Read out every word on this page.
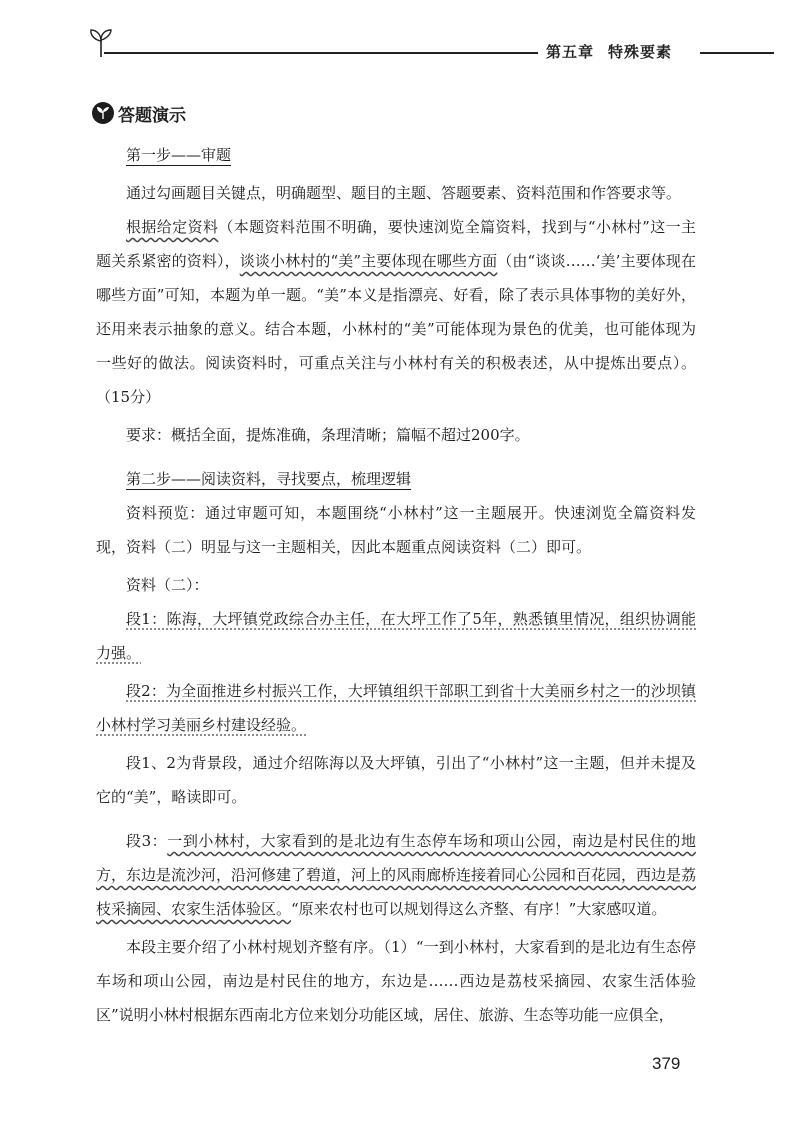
第五章 特殊要素
答题演示

第一步——审题

通过勾画题目关键点，明确题型、题目的主题、答题要素、资料范围和作答要求等。

根据给定资料（本题资料范围不明确，要快速浏览全篇资料，找到与“小林村”这一主题关系紧密的资料），谈谈小林村的“美”主要体现在哪些方面（由“谈谈……‘美’主要体现在哪些方面”可知，本题为单一题。“美”本义是指漂亮、好看，除了表示具体事物的美好外，还用来表示抽象的意义。结合本题，小林村的“美”可能体现为景色的优美，也可能体现为一些好的做法。阅读资料时，可重点关注与小林村有关的积极表述，从中提炼出要点）。（15分）

要求：概括全面，提炼准确，条理清晰；篇幅不超过200字。

第二步——阅读资料，寻找要点，梳理逻辑

资料预览：通过审题可知，本题围绕“小林村”这一主题展开。快速浏览全篇资料发现，资料（二）明显与这一主题相关，因此本题重点阅读资料（二）即可。

资料（二）：

段1：陈海，大坪镇党政综合办主任，在大坪工作了5年，熟悉镇里情况，组织协调能力强。

段2：为全面推进乡村振兴工作，大坪镇组织干部职工到省十大美丽乡村之一的沙坝镇小林村学习美丽乡村建设经验。

段1、2为背景段，通过介绍陈海以及大坪镇，引出了“小林村”这一主题，但并未提及它的“美”，略读即可。

段3：一到小林村，大家看到的是北边有生态停车场和项山公园，南边是村民住的地方，东边是流沙河，沿河修建了碧道，河上的风雨廊桥连接着同心公园和百花园，西边是荔枝采摘园、农家生活体验区。“原来农村也可以规划得这么齐整、有序！”大家感叹道。

本段主要介绍了小林村规划齐整有序。（1）“一到小林村，大家看到的是北边有生态停车场和项山公园，南边是村民住的地方，东边是……西边是荔枝采摘园、农家生活体验区”说明小林村根据东西南北方位来划分功能区域，居住、旅游、生态等功能一应俱全，

379
